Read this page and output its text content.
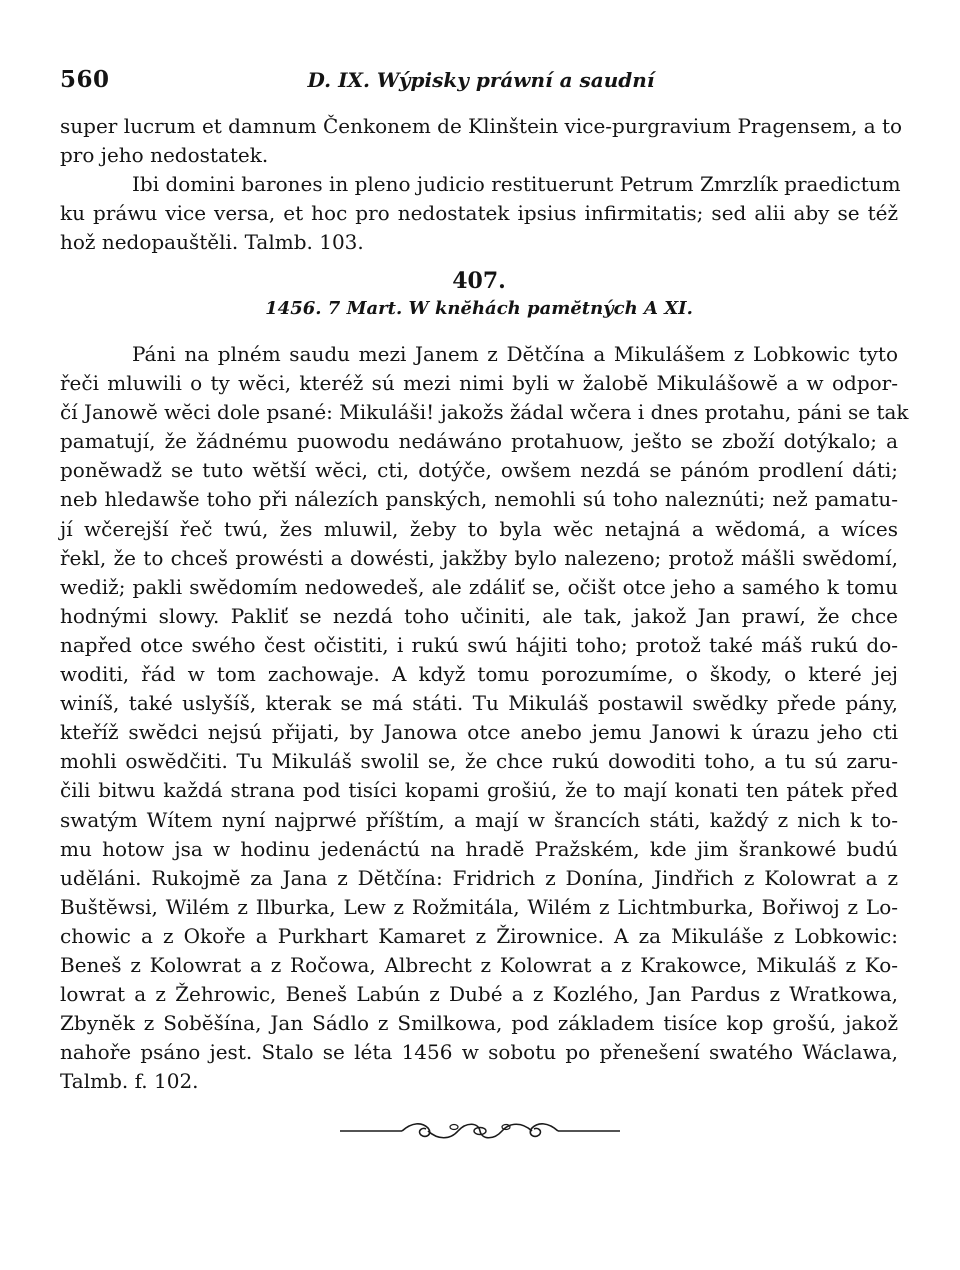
560	D. IX. Wýpisky práwní a saudní
super lucrum et damnum Čenkonem de Klinštein vice-purgravium Pragensem, a to
pro jeho nedostatek.
Ibi domini barones in pleno judicio restituerunt Petrum Zmrzlík praedictum
ku práwu vice versa, et hoc pro nedostatek ipsius infirmitatis; sed alii aby se též
hož nedopauštěli. Talmb. 103.
407.
1456. 7 Mart. W knĕhách pamĕtných A XI.
Páni na plném saudu mezi Janem z Dĕtčína a Mikulášem z Lobkowic tyto
řeči mluwili o ty wĕci, kteréž sú mezi nimi byli w žalobĕ Mikulášowĕ a w odpor-
čí Janowĕ wĕci dole psané: Mikuláši! jakožs žádal wčera i dnes protahu, páni se tak
pamatují, že žádnému puowodu nedáwáno protahuow, ješto se zboží dotýkalo; a
ponĕwadž se tuto wĕtší wĕci, cti, dotýče, owšem nezdá se pánóm prodlení dáti;
neb hledawše toho při nálezích panských, nemohli sú toho naleznúti; než pamatu-
jí wčerejší řeč twú, žes mluwil, žeby to byla wĕc netajná a wĕdomá, a wíces
řekl, že to chceš prowésti a dowésti, jakžby bylo nalezeno; protož mášli swĕdomí,
wediž; pakli swĕdomím nedowedeš, ale zdáliť se, očišt otce jeho a samého k tomu
hodnými slowy. Pakliť se nezdá toho učiniti, ale tak, jakož Jan prawí, že chce
napřed otce swého čest očistiti, i rukú swú hájiti toho; protož také máš rukú do-
woditi, řád w tom zachowaje. A když tomu porozumíme, o škody, o které jej
winíš, také uslyšíš, kterak se má státi. Tu Mikuláš postawil swĕdky přede pány,
kteříž swĕdci nejsú přijati, by Janowa otce anebo jemu Janowi k úrazu jeho cti
mohli oswĕdčiti. Tu Mikuláš swolil se, že chce rukú dowoditi toho, a tu sú zaru-
čili bitwu každá strana pod tisíci kopami grošiú, že to mají konati ten pátek před
swatým Wítem nyní najprwé příštím, a mají w šrancích státi, každý z nich k to-
mu hotow jsa w hodinu jedenáctú na hradĕ Pražském, kde jim šrankowé budú
udĕláni. Rukojmĕ za Jana z Dĕtčína: Fridrich z Donína, Jindřich z Kolowrat a z
Buštĕwsi, Wilém z Ilburka, Lew z Rožmitála, Wilém z Lichtmburka, Bořiwoj z Lo-
chowic a z Okoře a Purkhart Kamaret z Žirownice. A za Mikuláše z Lobkowic:
Beneš z Kolowrat a z Ročowa, Albrecht z Kolowrat a z Krakowce, Mikuláš z Ko-
lowrat a z Žehrowic, Beneš Labún z Dubé a z Kozlého, Jan Pardus z Wratkowa,
Zbynĕk z Sobĕšína, Jan Sádlo z Smilkowa, pod základem tisíce kop grošú, jakož
nahoře psáno jest. Stalo se léta 1456 w sobotu po přenešení swatého Wáclawa,
Talmb. f. 102.
